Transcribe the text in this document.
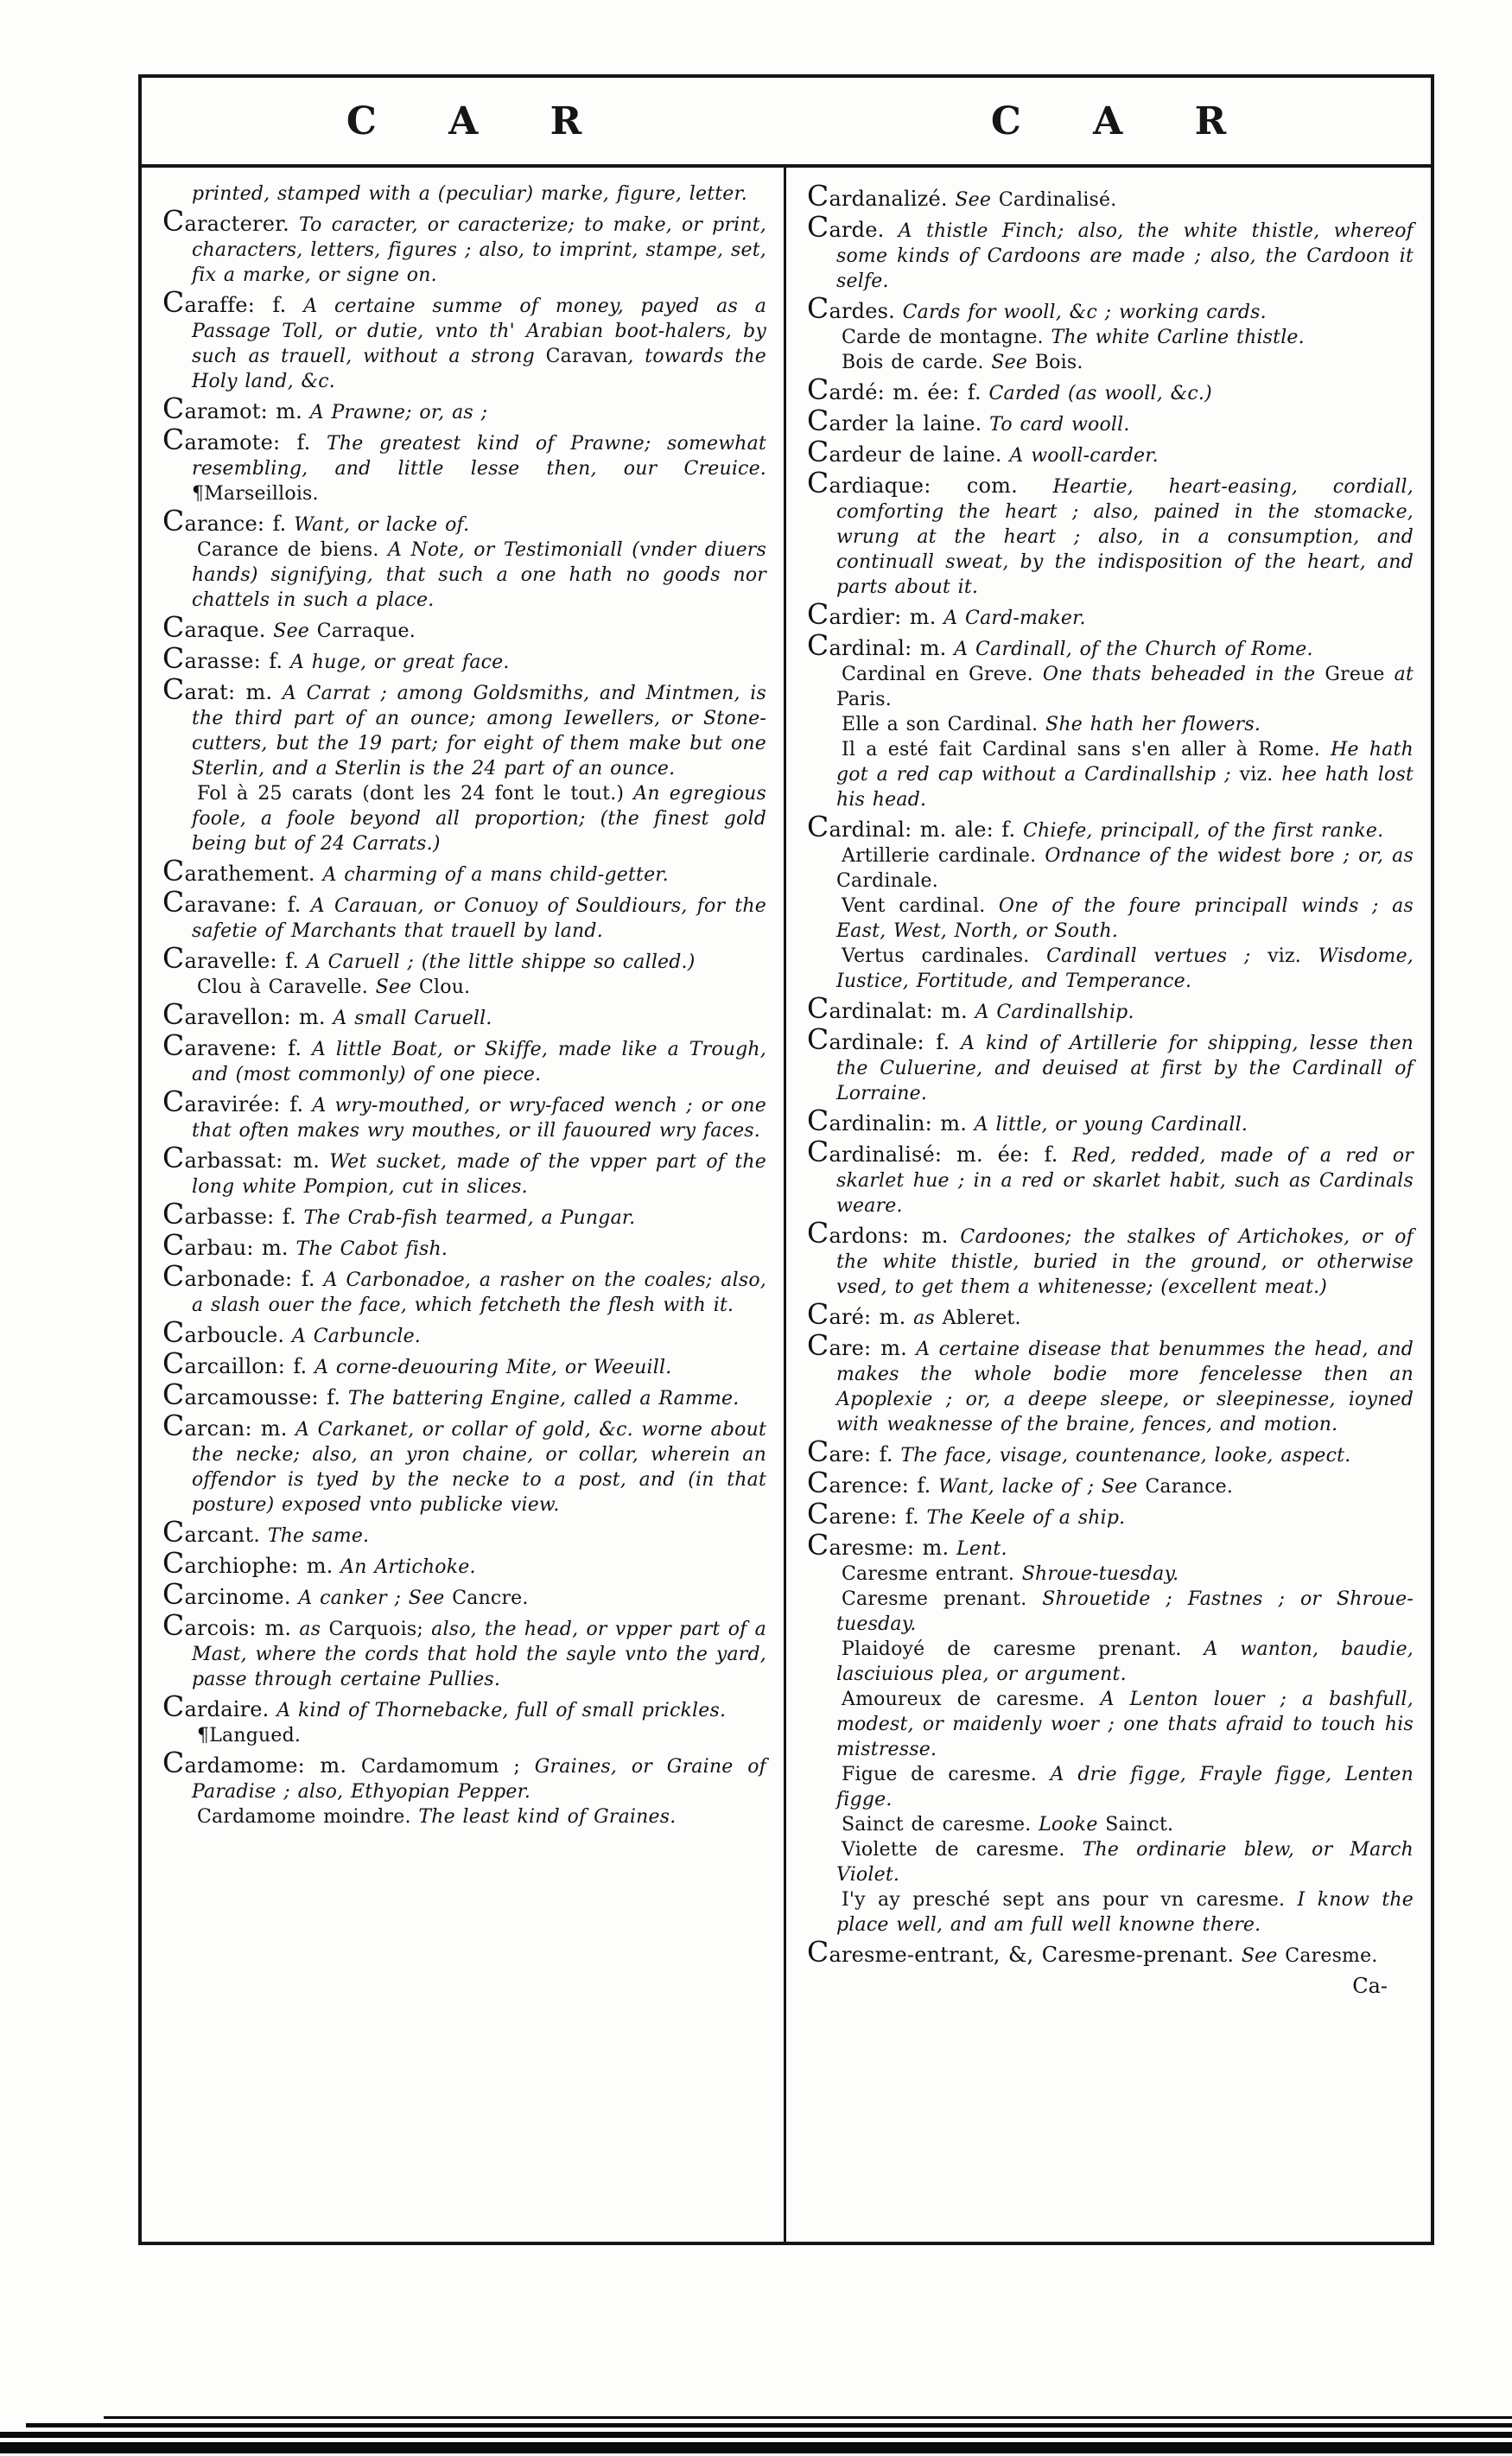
C A R	C A R

printed, stamped with a (peculiar) marke, figure, letter.

Caracterer. To caracter, or caracterize; to make, or print, characters, letters, figures ; also, to imprint, stampe, set, fix a marke, or signe on.

Caraffe: f. A certaine summe of money, payed as a Passage Toll, or dutie, vnto th' Arabian boot-halers, by such as trauell, without a strong Caravan, towards the Holy land, &c.

Caramot: m. A Prawne; or, as ;

Caramote: f. The greatest kind of Prawne; somewhat resembling, and little lesse then, our Creuice. ¶Marseillois.

Carance: f. Want, or lacke of.

Carance de biens. A Note, or Testimoniall (vnder diuers hands) signifying, that such a one hath no goods nor chattels in such a place.

Caraque. See Carraque.

Carasse: f. A huge, or great face.

Carat: m. A Carrat ; among Goldsmiths, and Mintmen, is the third part of an ounce; among Iewellers, or Stone-cutters, but the 19 part; for eight of them make but one Sterlin, and a Sterlin is the 24 part of an ounce.

Fol à 25 carats (dont les 24 font le tout.) An egregious foole, a foole beyond all proportion; (the finest gold being but of 24 Carrats.)

Carathement. A charming of a mans child-getter.

Caravane: f. A Carauan, or Conuoy of Souldiours, for the safetie of Marchants that trauell by land.

Caravelle: f. A Caruell ; (the little shippe so called.)

Clou à Caravelle. See Clou.

Caravellon: m. A small Caruell.

Caravene: f. A little Boat, or Skiffe, made like a Trough, and (most commonly) of one piece.

Caravirée: f. A wry-mouthed, or wry-faced wench ; or one that often makes wry mouthes, or ill fauoured wry faces.

Carbassat: m. Wet sucket, made of the vpper part of the long white Pompion, cut in slices.

Carbasse: f. The Crab-fish tearmed, a Pungar.

Carbau: m. The Cabot fish.

Carbonade: f. A Carbonadoe, a rasher on the coales; also, a slash ouer the face, which fetcheth the flesh with it.

Carboucle. A Carbuncle.

Carcaillon: f. A corne-deuouring Mite, or Weeuill.

Carcamousse: f. The battering Engine, called a Ramme.

Carcan: m. A Carkanet, or collar of gold, &c. worne about the necke; also, an yron chaine, or collar, wherein an offendor is tyed by the necke to a post, and (in that posture) exposed vnto publicke view.

Carcant. The same.

Carchiophe: m. An Artichoke.

Carcinome. A canker ; See Cancre.

Carcois: m. as Carquois; also, the head, or vpper part of a Mast, where the cords that hold the sayle vnto the yard, passe through certaine Pullies.

Cardaire. A kind of Thornebacke, full of small prickles.

¶Langued.

Cardamome: m. Cardamomum ; Graines, or Graine of Paradise ; also, Ethyopian Pepper.

Cardamome moindre. The least kind of Graines.

Cardanalizé. See Cardinalisé.

Carde. A thistle Finch; also, the white thistle, whereof some kinds of Cardoons are made ; also, the Cardoon it selfe.

Cardes. Cards for wooll, &c ; working cards.

Carde de montagne. The white Carline thistle.

Bois de carde. See Bois.

Cardé: m. ée: f. Carded (as wooll, &c.)

Carder la laine. To card wooll.

Cardeur de laine. A wooll-carder.

Cardiaque: com. Heartie, heart-easing, cordiall, comforting the heart ; also, pained in the stomacke, wrung at the heart ; also, in a consumption, and continuall sweat, by the indisposition of the heart, and parts about it.

Cardier: m. A Card-maker.

Cardinal: m. A Cardinall, of the Church of Rome.

Cardinal en Greve. One thats beheaded in the Greue at Paris.

Elle a son Cardinal. She hath her flowers.

Il a esté fait Cardinal sans s'en aller à Rome. He hath got a red cap without a Cardinallship ; viz. hee hath lost his head.

Cardinal: m. ale: f. Chiefe, principall, of the first ranke.

Artillerie cardinale. Ordnance of the widest bore ; or, as Cardinale.

Vent cardinal. One of the foure principall winds ; as East, West, North, or South.

Vertus cardinales. Cardinall vertues ; viz. Wisdome, Iustice, Fortitude, and Temperance.

Cardinalat: m. A Cardinallship.

Cardinale: f. A kind of Artillerie for shipping, lesse then the Culuerine, and deuised at first by the Cardinall of Lorraine.

Cardinalin: m. A little, or young Cardinall.

Cardinalisé: m. ée: f. Red, redded, made of a red or skarlet hue ; in a red or skarlet habit, such as Cardinals weare.

Cardons: m. Cardoones; the stalkes of Artichokes, or of the white thistle, buried in the ground, or otherwise vsed, to get them a whitenesse; (excellent meat.)

Caré: m. as Ableret.

Care: m. A certaine disease that benummes the head, and makes the whole bodie more fencelesse then an Apoplexie ; or, a deepe sleepe, or sleepinesse, ioyned with weaknesse of the braine, fences, and motion.

Care: f. The face, visage, countenance, looke, aspect.

Carence: f. Want, lacke of ; See Carance.

Carene: f. The Keele of a ship.

Caresme: m. Lent.

Caresme entrant. Shroue-tuesday.

Caresme prenant. Shrouetide ; Fastnes ; or Shroue-tuesday.

Plaidoyé de caresme prenant. A wanton, baudie, lasciuious plea, or argument.

Amoureux de caresme. A Lenton louer ; a bashfull, modest, or maidenly woer ; one thats afraid to touch his mistresse.

Figue de caresme. A drie figge, Frayle figge, Lenten figge.

Sainct de caresme. Looke Sainct.

Violette de caresme. The ordinarie blew, or March Violet.

I'y ay presché sept ans pour vn caresme. I know the place well, and am full well knowne there.

Caresme-entrant, &, Caresme-prenant. See Caresme.

Ca-
